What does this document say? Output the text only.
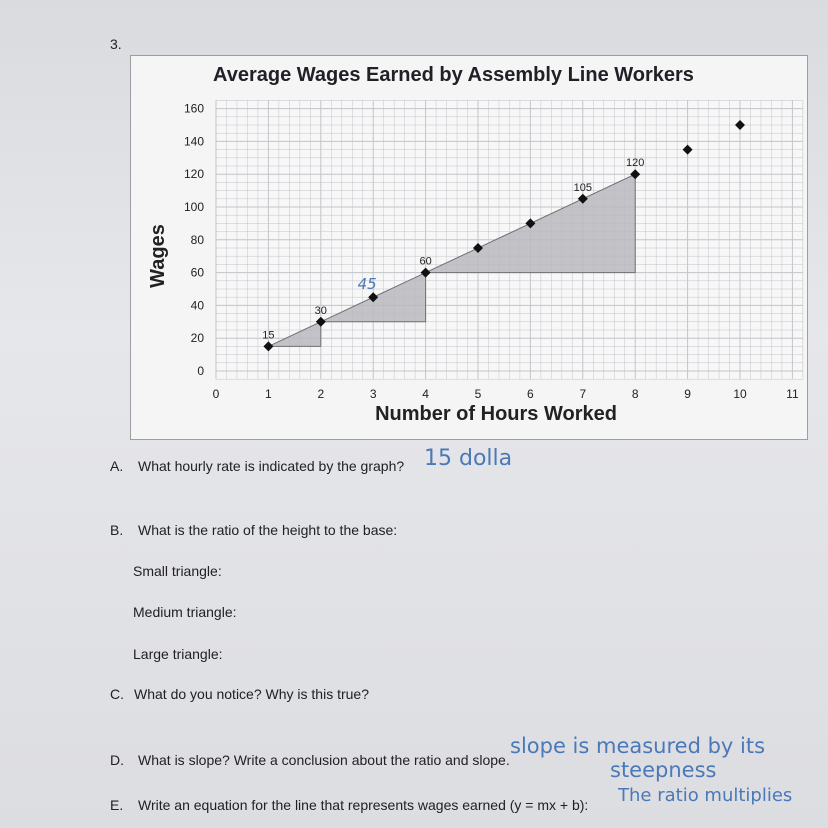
3.
Average Wages Earned by Assembly Line Workers
0
20
40
60
80
100
120
140
160
0	1	2	3	4	5	6	7	8	9	10	11
Number of Hours Worked
Wages
15
30
60
105
120
45
A. What hourly rate is indicated by the graph? 15 dolla
B. What is the ratio of the height to the base:
Small triangle:
Medium triangle:
Large triangle:
C. What do you notice? Why is this true?
D. What is slope? Write a conclusion about the ratio and slope.
slope is measured by its
steepness
E. Write an equation for the line that represents wages earned (y = mx + b): The ratio multiplies
